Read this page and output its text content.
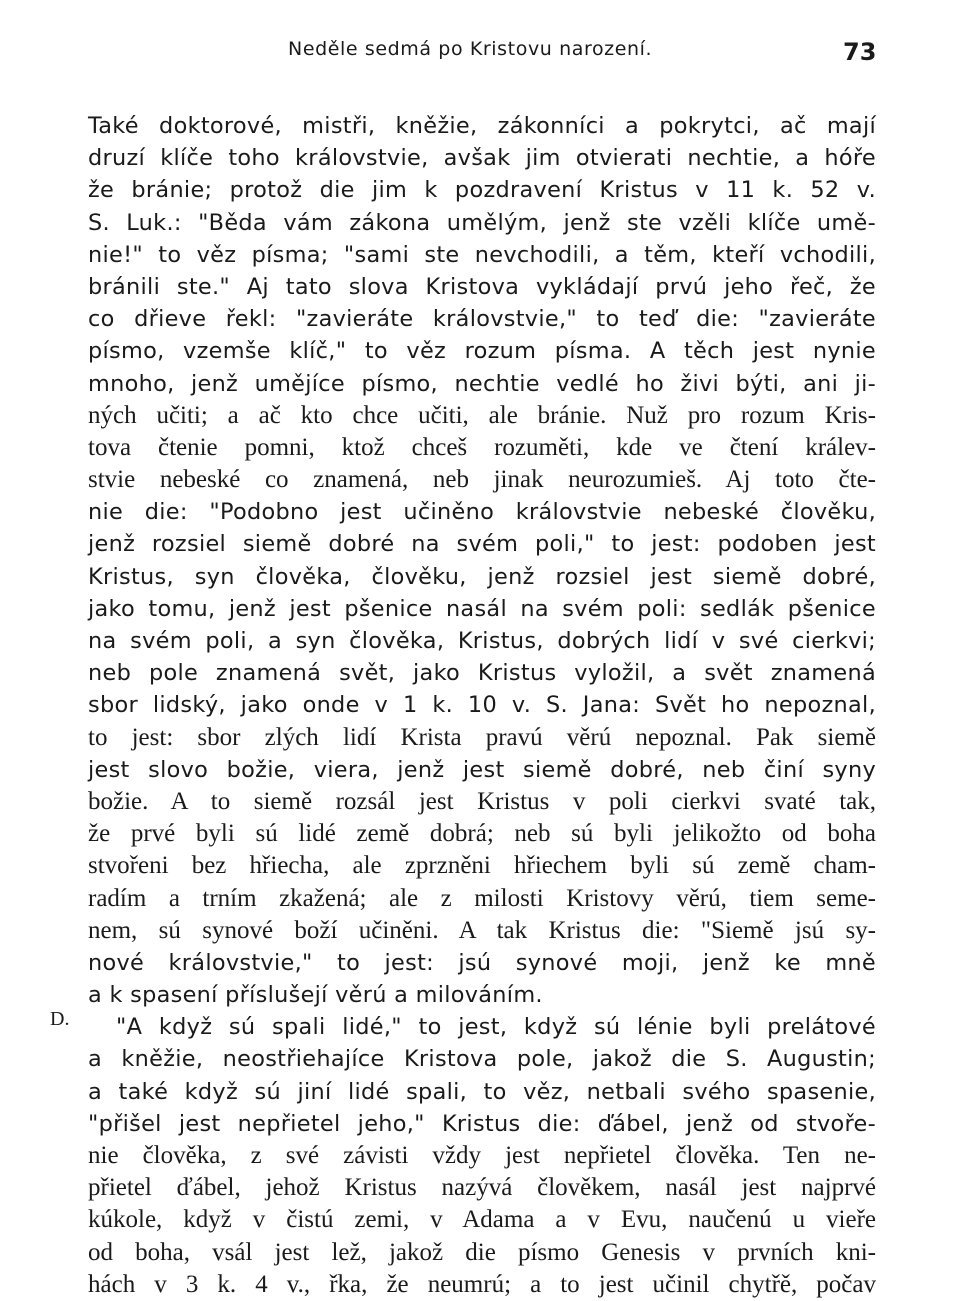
Neděle sedmá po Kristovu narození.	73
D.
Také doktorové, mistři, kněžie, zákonníci a pokrytci, ač mají
druzí klíče toho královstvie, avšak jim otvierati nechtie, a hóře
že bránie; protož die jim k pozdravení Kristus v 11 k. 52 v.
S. Luk.: "Běda vám zákona umělým, jenž ste vzěli klíče umě-
nie!" to věz písma; "sami ste nevchodili, a těm, kteří vchodili,
bránili ste." Aj tato slova Kristova vykládají prvú jeho řeč, že
co dřieve řekl: "zavieráte královstvie," to teď die: "zavieráte
písmo, vzemše klíč," to věz rozum písma. A těch jest nynie
mnoho, jenž umějíce písmo, nechtie vedlé ho živi býti, ani ji-
ných učiti; a ač kto chce učiti, ale bránie. Nuž pro rozum Kris-
tova čtenie pomni, ktož chceš rozuměti, kde ve čtení králev-
stvie nebeské co znamená, neb jinak neurozumieš. Aj toto čte-
nie die: "Podobno jest učiněno královstvie nebeské člověku,
jenž rozsiel siemě dobré na svém poli," to jest: podoben jest
Kristus, syn člověka, člověku, jenž rozsiel jest siemě dobré,
jako tomu, jenž jest pšenice nasál na svém poli: sedlák pšenice
na svém poli, a syn člověka, Kristus, dobrých lidí v své cierkvi;
neb pole znamená svět, jako Kristus vyložil, a svět znamená
sbor lidský, jako onde v 1 k. 10 v. S. Jana: Svět ho nepoznal,
to jest: sbor zlých lidí Krista pravú věrú nepoznal. Pak siemě
jest slovo božie, viera, jenž jest siemě dobré, neb činí syny
božie. A to siemě rozsál jest Kristus v poli cierkvi svaté tak,
že prvé byli sú lidé země dobrá; neb sú byli jelikožto od boha
stvořeni bez hřiecha, ale zprzněni hřiechem byli sú země cham-
radím a trním zkažená; ale z milosti Kristovy věrú, tiem seme-
nem, sú synové boží učiněni. A tak Kristus die: "Siemě jsú sy-
nové královstvie," to jest: jsú synové moji, jenž ke mně
a k spasení příslušejí věrú a milováním.
"A když sú spali lidé," to jest, když sú lénie byli prelátové
a kněžie, neostřiehajíce Kristova pole, jakož die S. Augustin;
a také když sú jiní lidé spali, to věz, netbali svého spasenie,
"přišel jest nepřietel jeho," Kristus die: ďábel, jenž od stvoře-
nie člověka, z své závisti vždy jest nepřietel člověka. Ten ne-
přietel ďábel, jehož Kristus nazývá člověkem, nasál jest najprvé
kúkole, když v čistú zemi, v Adama a v Evu, naučenú u vieře
od boha, vsál jest lež, jakož die písmo Genesis v prvních kni-
hách v 3 k. 4 v., řka, že neumrú; a to jest učinil chytřě, počav
